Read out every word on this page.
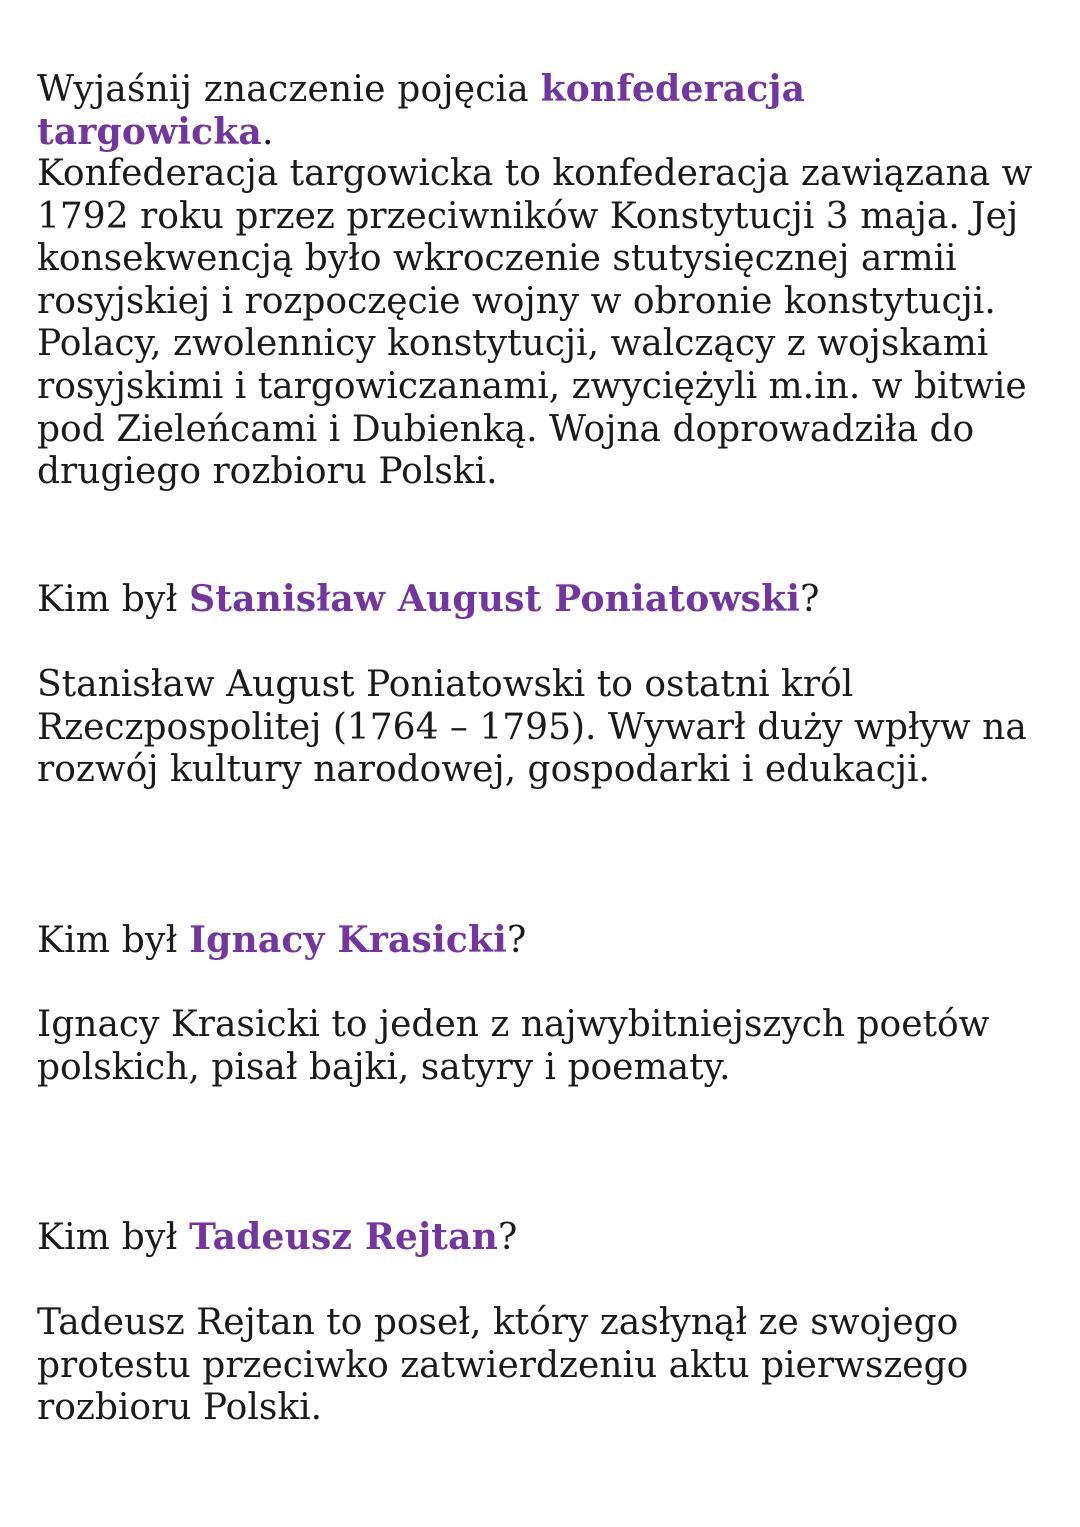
Wyjaśnij znaczenie pojęcia konfederacja targowicka.

Konfederacja targowicka to konfederacja zawiązana w
1792 roku przez przeciwników Konstytucji 3 maja. Jej
konsekwencją było wkroczenie stutysięcznej armii
rosyjskiej i rozpoczęcie wojny w obronie konstytucji.
Polacy, zwolennicy konstytucji, walczący z wojskami
rosyjskimi i targowiczanami, zwyciężyli m.in. w bitwie
pod Zieleńcami i Dubienką. Wojna doprowadziła do
drugiego rozbioru Polski.

Kim był Stanisław August Poniatowski?

Stanisław August Poniatowski to ostatni król
Rzeczpospolitej (1764 – 1795). Wywarł duży wpływ na
rozwój kultury narodowej, gospodarki i edukacji.

Kim był Ignacy Krasicki?

Ignacy Krasicki to jeden z najwybitniejszych poetów
polskich, pisał bajki, satyry i poematy.

Kim był Tadeusz Rejtan?

Tadeusz Rejtan to poseł, który zasłynął ze swojego
protestu przeciwko zatwierdzeniu aktu pierwszego
rozbioru Polski.
